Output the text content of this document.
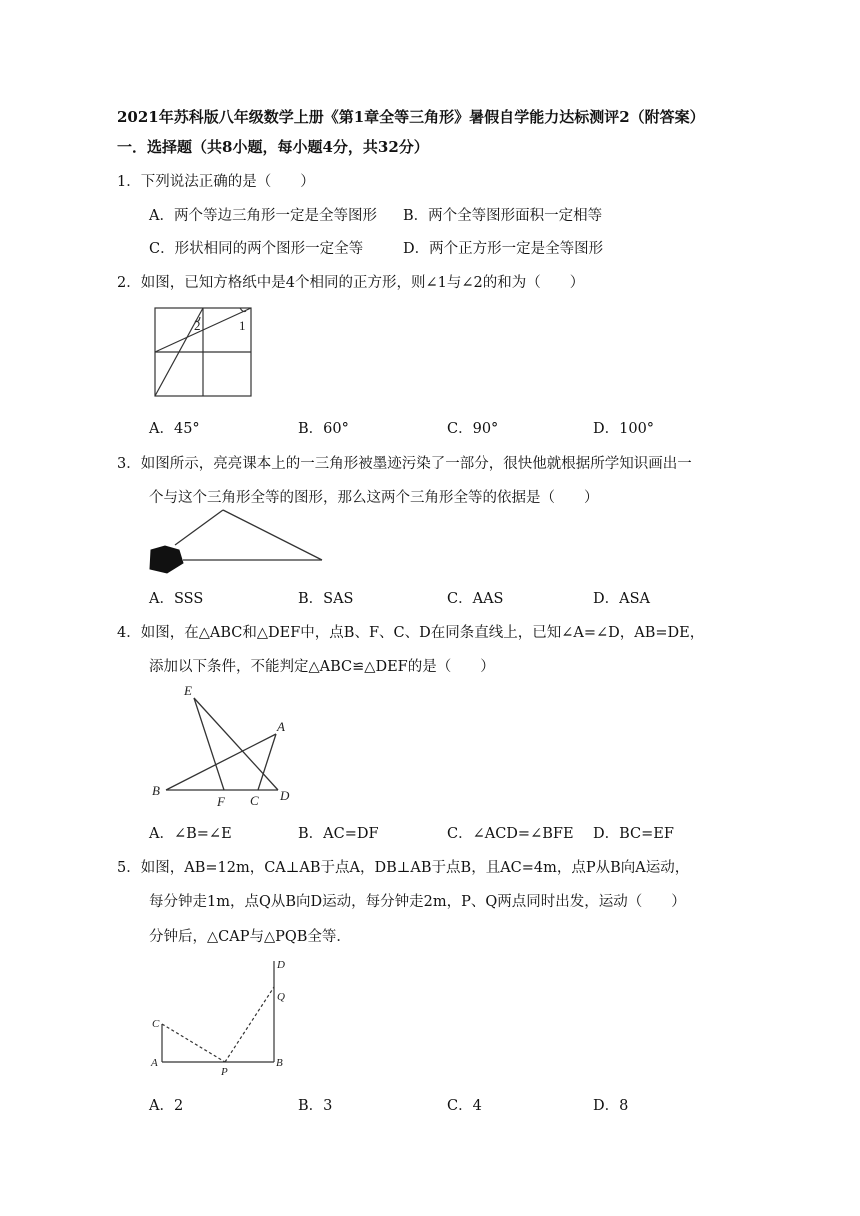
2021年苏科版八年级数学上册《第1章全等三角形》暑假自学能力达标测评2（附答案）
一．选择题（共8小题，每小题4分，共32分）
1．下列说法正确的是（　　）
A．两个等边三角形一定是全等图形 B．两个全等图形面积一定相等
C．形状相同的两个图形一定全等	D．两个正方形一定是全等图形
2．如图，已知方格纸中是4个相同的正方形，则∠1与∠2的和为（　　）
2	1
A．45°	B．60°	C．90°	D．100°
3．如图所示，亮亮课本上的一三角形被墨迹污染了一部分，很快他就根据所学知识画出一
个与这个三角形全等的图形，那么这两个三角形全等的依据是（　　）
A．SSS	B．SAS	C．AAS	D．ASA
4．如图，在△ABC和△DEF中，点B、F、C、D在同条直线上，已知∠A=∠D，AB=DE，
添加以下条件，不能判定△ABC≌△DEF的是（　　）
E
A
B
F C D
A．∠B=∠E	B．AC=DF	C．∠ACD=∠BFE D．BC=EF
5．如图，AB=12m，CA⊥AB于点A，DB⊥AB于点B，且AC=4m，点P从B向A运动，
每分钟走1m，点Q从B向D运动，每分钟走2m，P、Q两点同时出发，运动（　　）
分钟后，△CAP与△PQB全等．
D
Q
C
A
P
B
A．2	B．3	C．4	D．8
